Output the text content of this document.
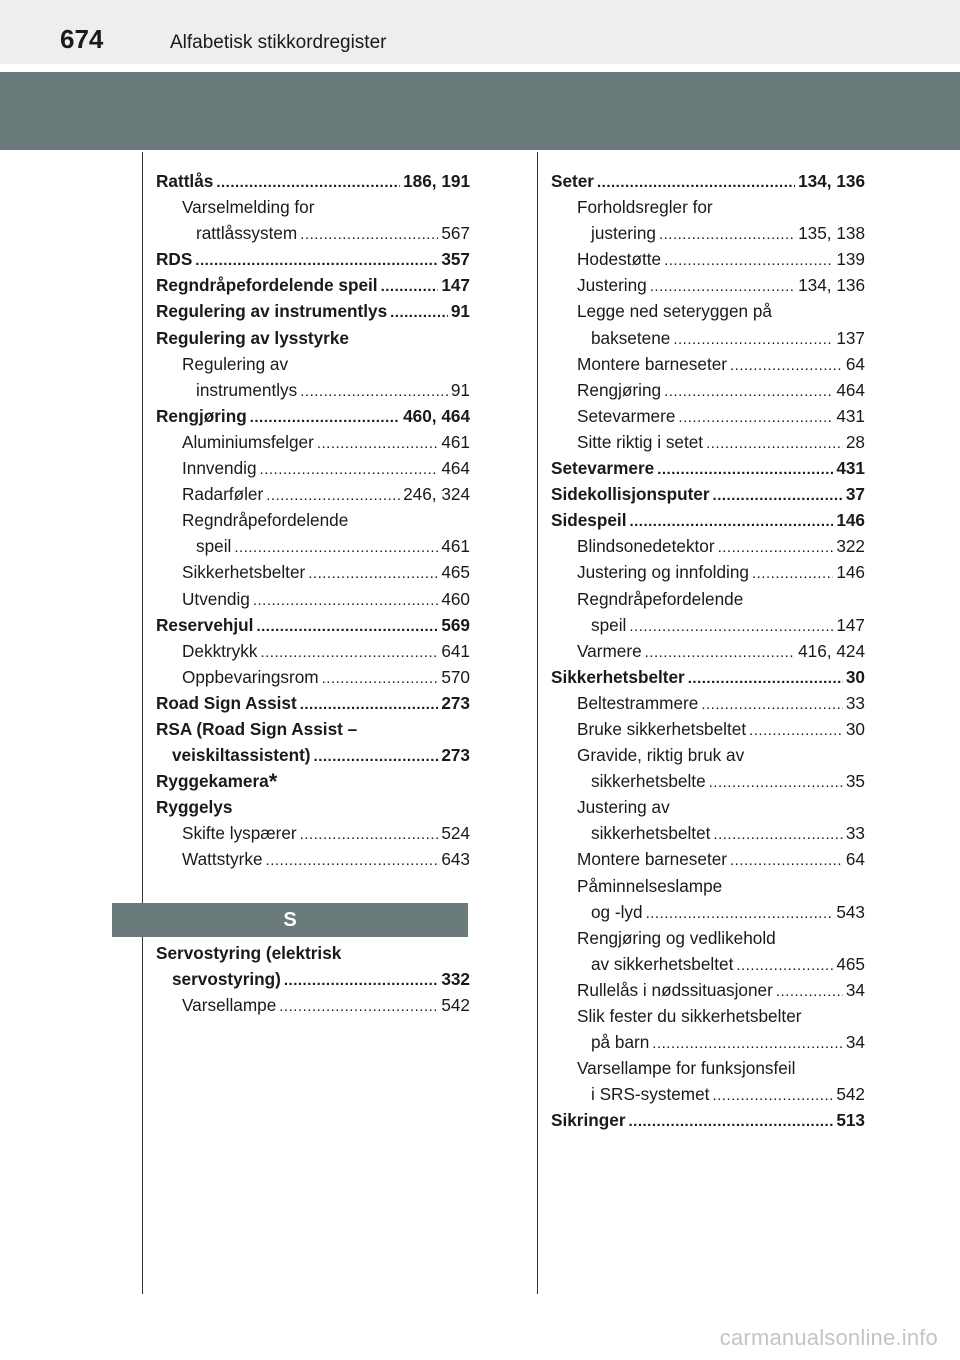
674	Alfabetisk stikkordregister
Rattlås .....	186, 191
Varselmelding for
rattlåssystem .....	567
RDS .....	357
Regndråpefordelende speil .....	147
Regulering av instrumentlys .....	91
Regulering av lysstyrke
Regulering av
instrumentlys .....	91
Rengjøring .....	460, 464
Aluminiumsfelger .....	461
Innvendig .....	464
Radarføler .....	246, 324
Regndråpefordelende
speil .....	461
Sikkerhetsbelter .....	465
Utvendig .....	460
Reservehjul .....	569
Dekktrykk .....	641
Oppbevaringsrom .....	570
Road Sign Assist .....	273
RSA (Road Sign Assist –
veiskiltassistent) .....	273
Ryggekamera *
Ryggelys
Skifte lyspærer .....	524
Wattstyrke .....	643
S
Servostyring (elektrisk
servostyring) .....	332
Varsellampe .....	542
Seter .....	134, 136
Forholdsregler for
justering .....	135, 138
Hodestøtte .....	139
Justering .....	134, 136
Legge ned seteryggen på
baksetene .....	137
Montere barneseter .....	64
Rengjøring .....	464
Setevarmere .....	431
Sitte riktig i setet .....	28
Setevarmere .....	431
Sidekollisjonsputer .....	37
Sidespeil .....	146
Blindsonedetektor .....	322
Justering og innfolding .....	146
Regndråpefordelende
speil .....	147
Varmere .....	416, 424
Sikkerhetsbelter .....	30
Beltestrammere .....	33
Bruke sikkerhetsbeltet .....	30
Gravide, riktig bruk av
sikkerhetsbelte .....	35
Justering av
sikkerhetsbeltet .....	33
Montere barneseter .....	64
Påminnelseslampe
og -lyd .....	543
Rengjøring og vedlikehold
av sikkerhetsbeltet .....	465
Rullelås i nødssituasjoner .....	34
Slik fester du sikkerhetsbelter
på barn .....	34
Varsellampe for funksjonsfeil
i SRS-systemet .....	542
Sikringer .....	513
carmanualsonline.info
